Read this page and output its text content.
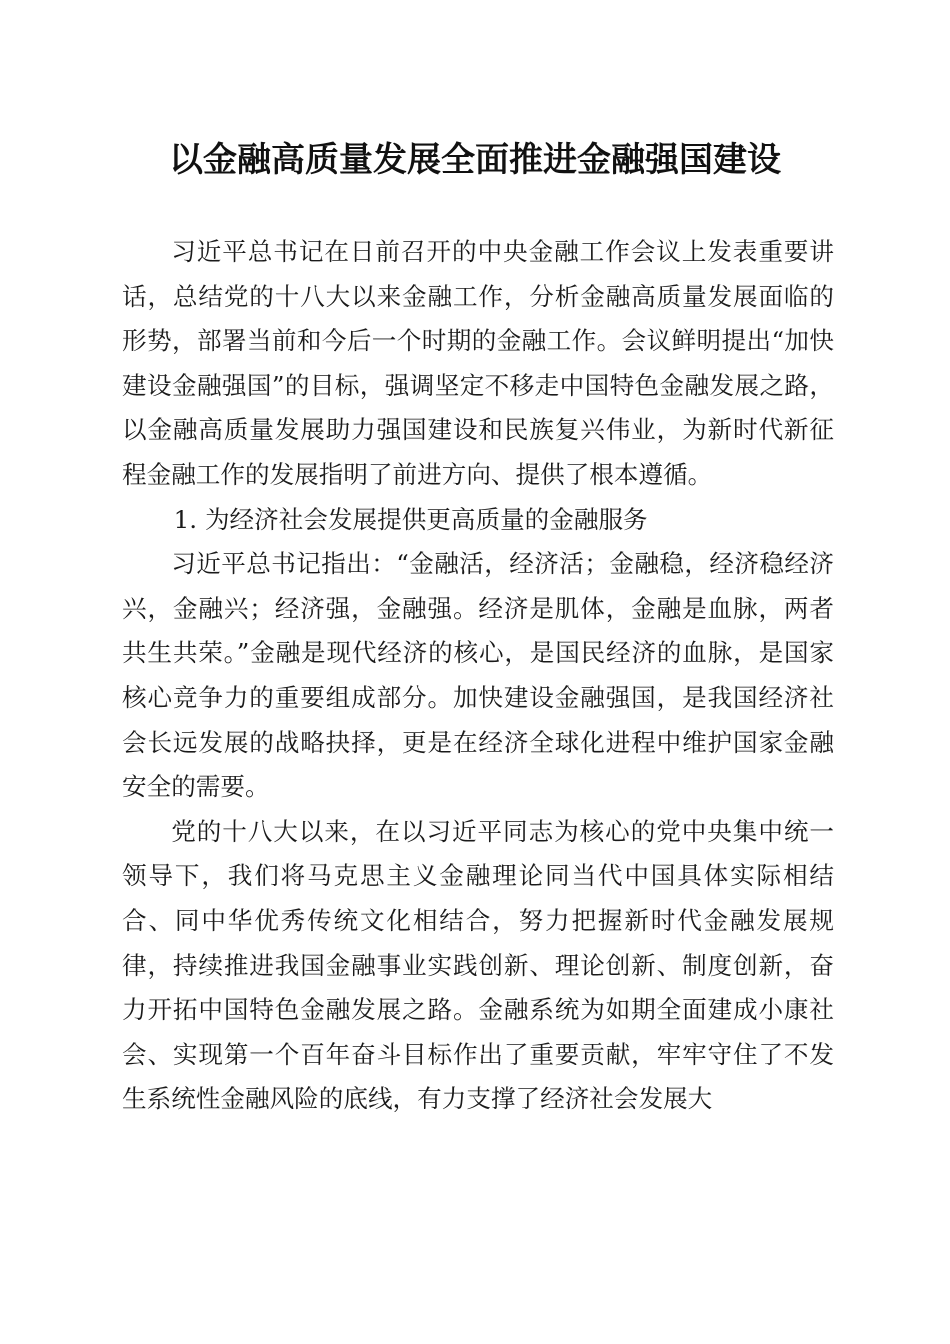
以金融高质量发展全面推进金融强国建设

习近平总书记在日前召开的中央金融工作会议上发表重要讲话，总结党的十八大以来金融工作，分析金融高质量发展面临的形势，部署当前和今后一个时期的金融工作。会议鲜明提出“加快建设金融强国”的目标，强调坚定不移走中国特色金融发展之路，以金融高质量发展助力强国建设和民族复兴伟业，为新时代新征程金融工作的发展指明了前进方向、提供了根本遵循。

1. 为经济社会发展提供更高质量的金融服务

习近平总书记指出：“金融活，经济活；金融稳，经济稳经济兴，金融兴；经济强，金融强。经济是肌体，金融是血脉，两者共生共荣。”金融是现代经济的核心，是国民经济的血脉，是国家核心竞争力的重要组成部分。加快建设金融强国，是我国经济社会长远发展的战略抉择，更是在经济全球化进程中维护国家金融安全的需要。

党的十八大以来，在以习近平同志为核心的党中央集中统一领导下，我们将马克思主义金融理论同当代中国具体实际相结合、同中华优秀传统文化相结合，努力把握新时代金融发展规律，持续推进我国金融事业实践创新、理论创新、制度创新，奋力开拓中国特色金融发展之路。金融系统为如期全面建成小康社会、实现第一个百年奋斗目标作出了重要贡献，牢牢守住了不发生系统性金融风险的底线，有力支撑了经济社会发展大
